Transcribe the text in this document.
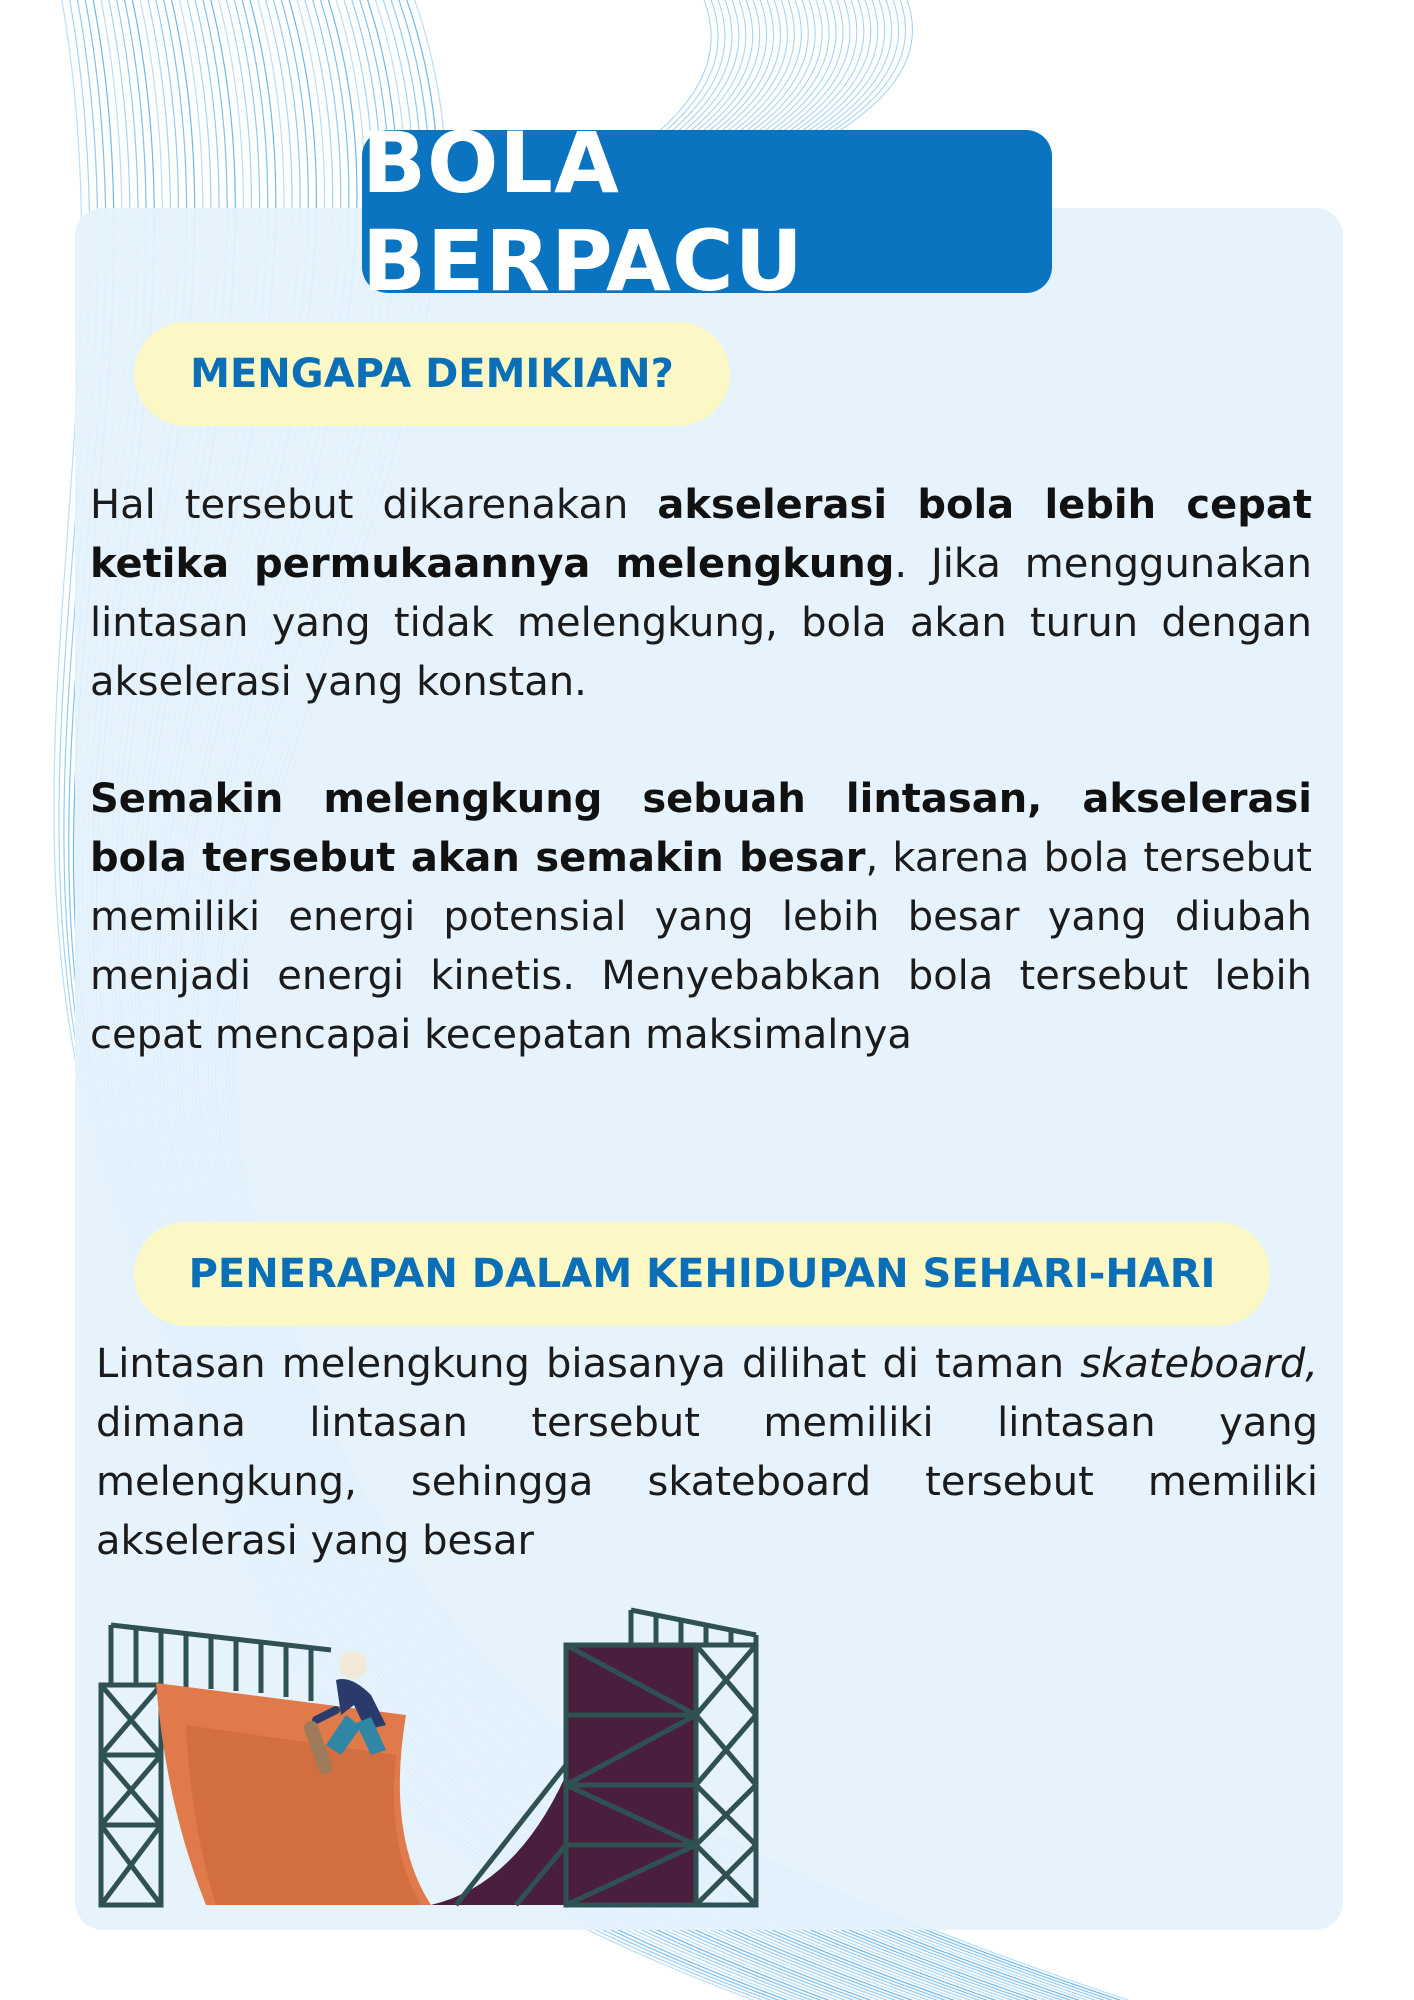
BOLA BERPACU
MENGAPA DEMIKIAN?
Hal tersebut dikarenakan akselerasi bola lebih cepat ketika permukaannya melengkung. Jika menggunakan lintasan yang tidak melengkung, bola akan turun dengan akselerasi yang konstan.
Semakin melengkung sebuah lintasan, akselerasi bola tersebut akan semakin besar, karena bola tersebut memiliki energi potensial yang lebih besar yang diubah menjadi energi kinetis. Menyebabkan bola tersebut lebih cepat mencapai kecepatan maksimalnya
PENERAPAN DALAM KEHIDUPAN SEHARI-HARI
Lintasan melengkung biasanya dilihat di taman skateboard, dimana lintasan tersebut memiliki lintasan yang melengkung, sehingga skateboard tersebut memiliki akselerasi yang besar
